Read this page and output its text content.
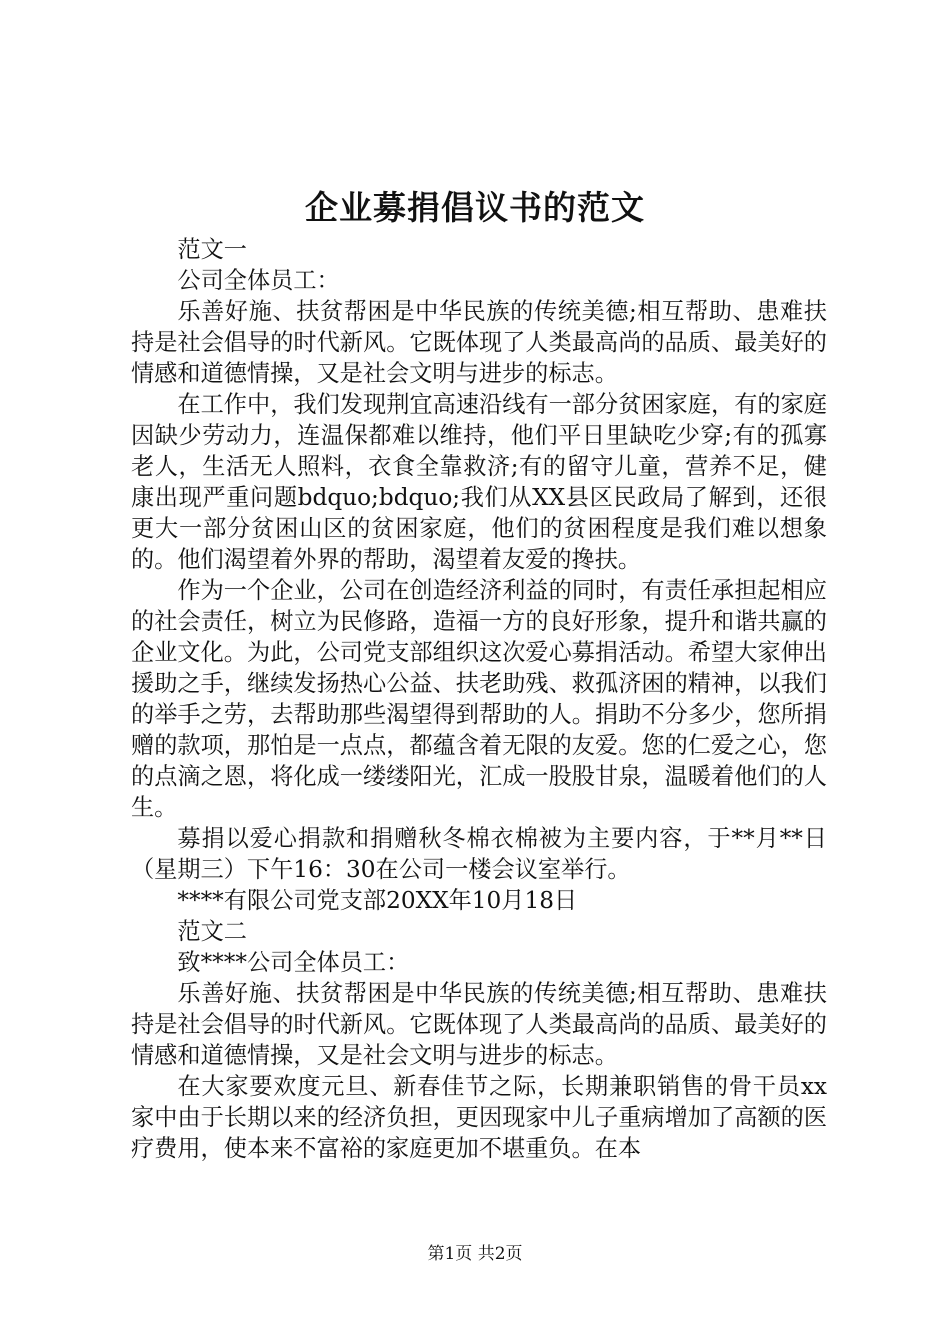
企业募捐倡议书的范文

范文一

公司全体员工：

乐善好施、扶贫帮困是中华民族的传统美德;相互帮助、患难扶持是社会倡导的时代新风。它既体现了人类最高尚的品质、最美好的情感和道德情操，又是社会文明与进步的标志。

在工作中，我们发现荆宜高速沿线有一部分贫困家庭，有的家庭因缺少劳动力，连温保都难以维持，他们平日里缺吃少穿;有的孤寡老人，生活无人照料，衣食全靠救济;有的留守儿童，营养不足，健康出现严重问题bdquo;bdquo;我们从XX县区民政局了解到，还很更大一部分贫困山区的贫困家庭，他们的贫困程度是我们难以想象的。他们渴望着外界的帮助，渴望着友爱的搀扶。

作为一个企业，公司在创造经济利益的同时，有责任承担起相应的社会责任，树立为民修路，造福一方的良好形象，提升和谐共赢的企业文化。为此，公司党支部组织这次爱心募捐活动。希望大家伸出援助之手，继续发扬热心公益、扶老助残、救孤济困的精神，以我们的举手之劳，去帮助那些渴望得到帮助的人。捐助不分多少，您所捐赠的款项，那怕是一点点，都蕴含着无限的友爱。您的仁爱之心，您的点滴之恩，将化成一缕缕阳光，汇成一股股甘泉，温暖着他们的人生。

募捐以爱心捐款和捐赠秋冬棉衣棉被为主要内容，于**月**日（星期三）下午16：30在公司一楼会议室举行。

****有限公司党支部20XX年10月18日

范文二

致****公司全体员工：

乐善好施、扶贫帮困是中华民族的传统美德;相互帮助、患难扶持是社会倡导的时代新风。它既体现了人类最高尚的品质、最美好的情感和道德情操，又是社会文明与进步的标志。

在大家要欢度元旦、新春佳节之际，长期兼职销售的骨干员xx家中由于长期以来的经济负担，更因现家中儿子重病增加了高额的医疗费用，使本来不富裕的家庭更加不堪重负。在本

第1页 共2页
